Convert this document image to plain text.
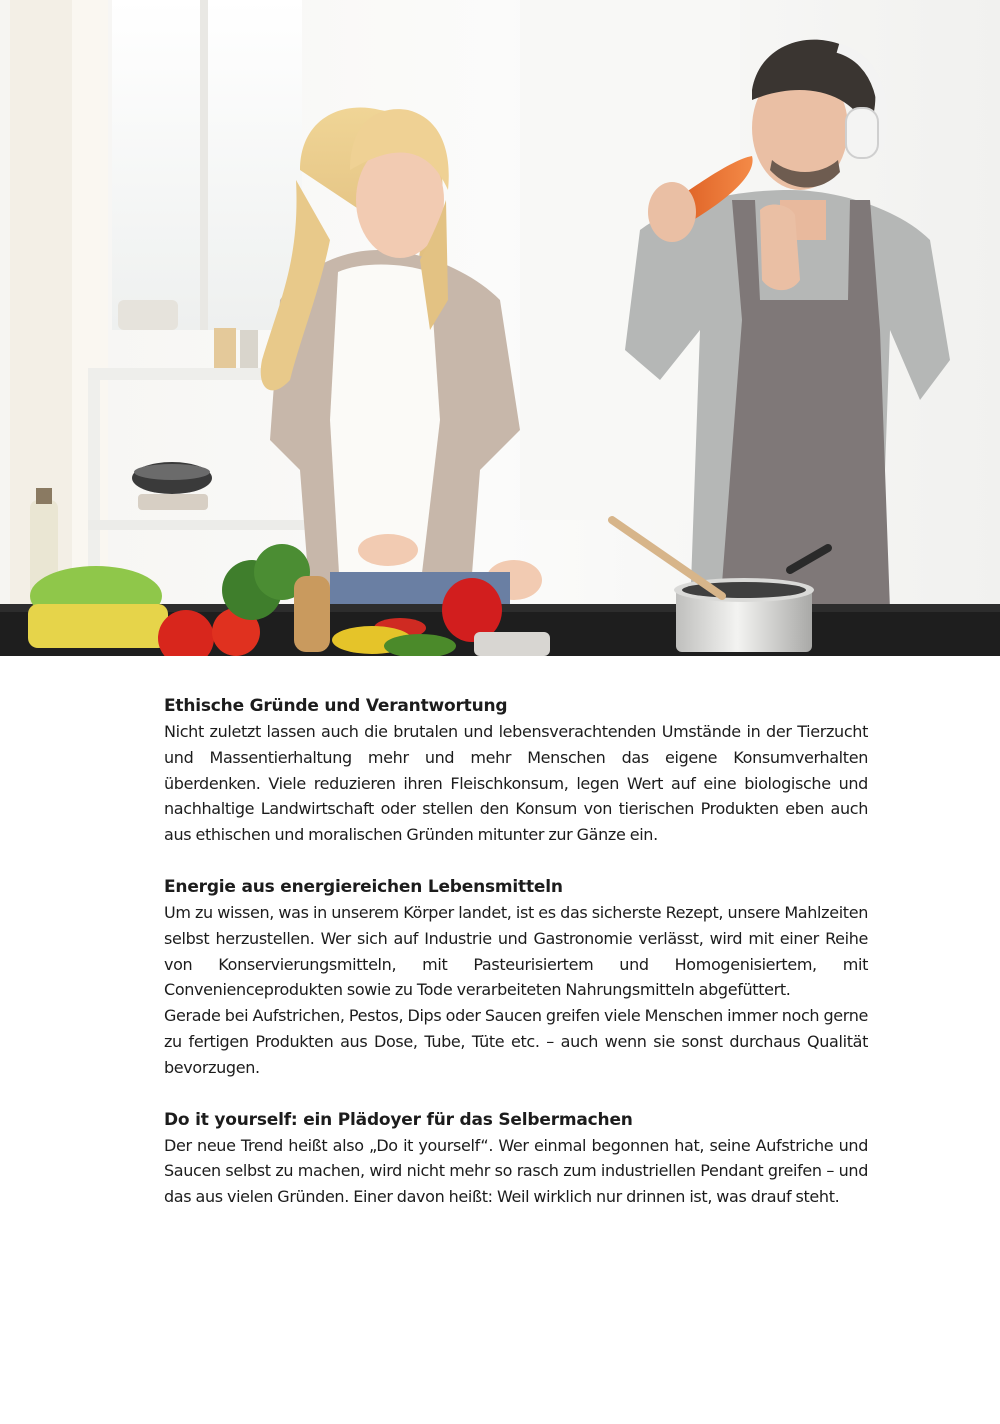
Ethische Gründe und Verantwortung

Nicht zuletzt lassen auch die brutalen und lebensverachtenden Umstände in der Tierzucht und Massentierhaltung mehr und mehr Menschen das eigene Konsumverhalten überdenken. Viele reduzieren ihren Fleischkonsum, legen Wert auf eine biologische und nachhaltige Landwirtschaft oder stellen den Konsum von tierischen Produkten eben auch aus ethischen und moralischen Gründen mitunter zur Gänze ein.

Energie aus energiereichen Lebensmitteln

Um zu wissen, was in unserem Körper landet, ist es das sicherste Rezept, unsere Mahlzeiten selbst herzustellen. Wer sich auf Industrie und Gastronomie verlässt, wird mit einer Reihe von Konservierungsmitteln, mit Pasteurisiertem und Homogenisiertem, mit Convenienceprodukten sowie zu Tode verarbeiteten Nahrungsmitteln abgefüttert.

Gerade bei Aufstrichen, Pestos, Dips oder Saucen greifen viele Menschen immer noch gerne zu fertigen Produkten aus Dose, Tube, Tüte etc. – auch wenn sie sonst durchaus Qualität bevorzugen.

Do it yourself: ein Plädoyer für das Selbermachen

Der neue Trend heißt also „Do it yourself“. Wer einmal begonnen hat, seine Aufstriche und Saucen selbst zu machen, wird nicht mehr so rasch zum industriellen Pendant greifen – und das aus vielen Gründen. Einer davon heißt: Weil wirklich nur drinnen ist, was drauf steht.
